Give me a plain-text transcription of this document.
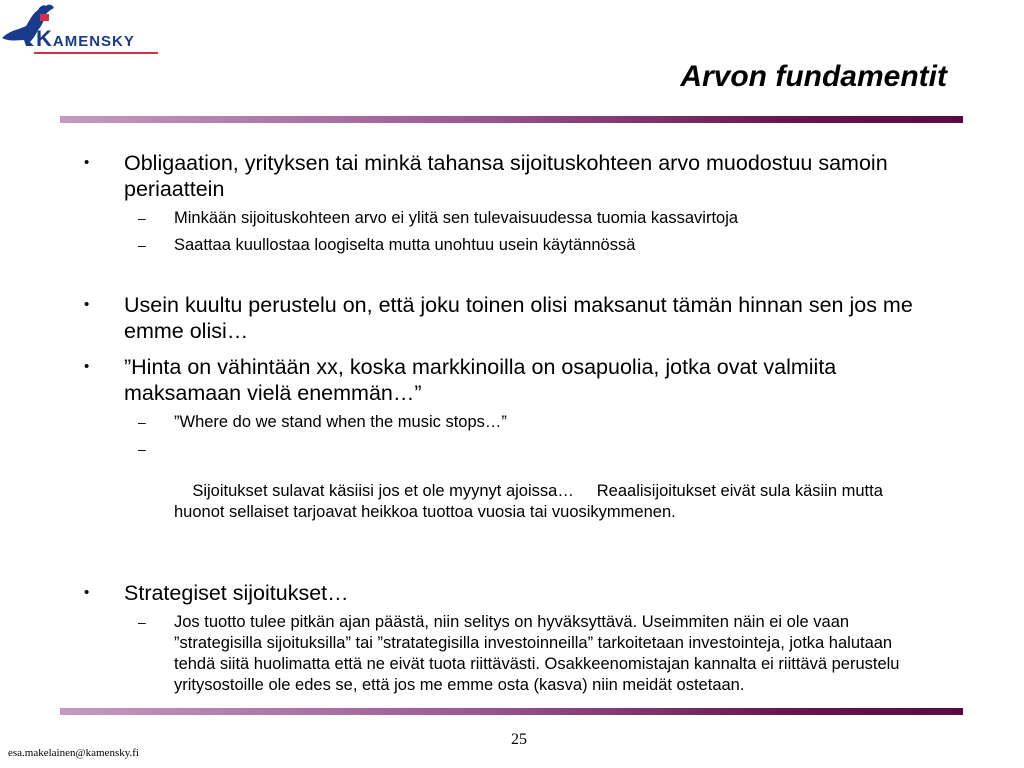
Kamensky
Arvon fundamentit
• Obligaation, yrityksen tai minkä tahansa sijoituskohteen arvo muodostuu samoin periaattein
– Minkään sijoituskohteen arvo ei ylitä sen tulevaisuudessa tuomia kassavirtoja
– Saattaa kuullostaa loogiselta mutta unohtuu usein käytännössä
• Usein kuultu perustelu on, että joku toinen olisi maksanut tämän hinnan sen jos me emme olisi…
• ”Hinta on vähintään xx, koska markkinoilla on osapuolia, jotka ovat valmiita maksamaan vielä enemmän…”
– ”Where do we stand when the music stops…”

–

Sijoitukset sulavat käsiisi jos et ole myynyt ajoissa…     Reaalisijoitukset eivät sula käsiin mutta huonot sellaiset tarjoavat heikkoa tuottoa vuosia tai vuosikymmenen.

• Strategiset sijoitukset…
– Jos tuotto tulee pitkän ajan päästä, niin selitys on hyväksyttävä. Useimmiten näin ei ole vaan ”strategisilla sijoituksilla” tai ”stratategisilla investoinneilla” tarkoitetaan investointeja, jotka halutaan tehdä siitä huolimatta että ne eivät tuota riittävästi. Osakkeenomistajan kannalta ei riittävä perustelu yritysostoille ole edes se, että jos me emme osta (kasva) niin meidät ostetaan.
25
esa.makelainen@kamensky.fi
